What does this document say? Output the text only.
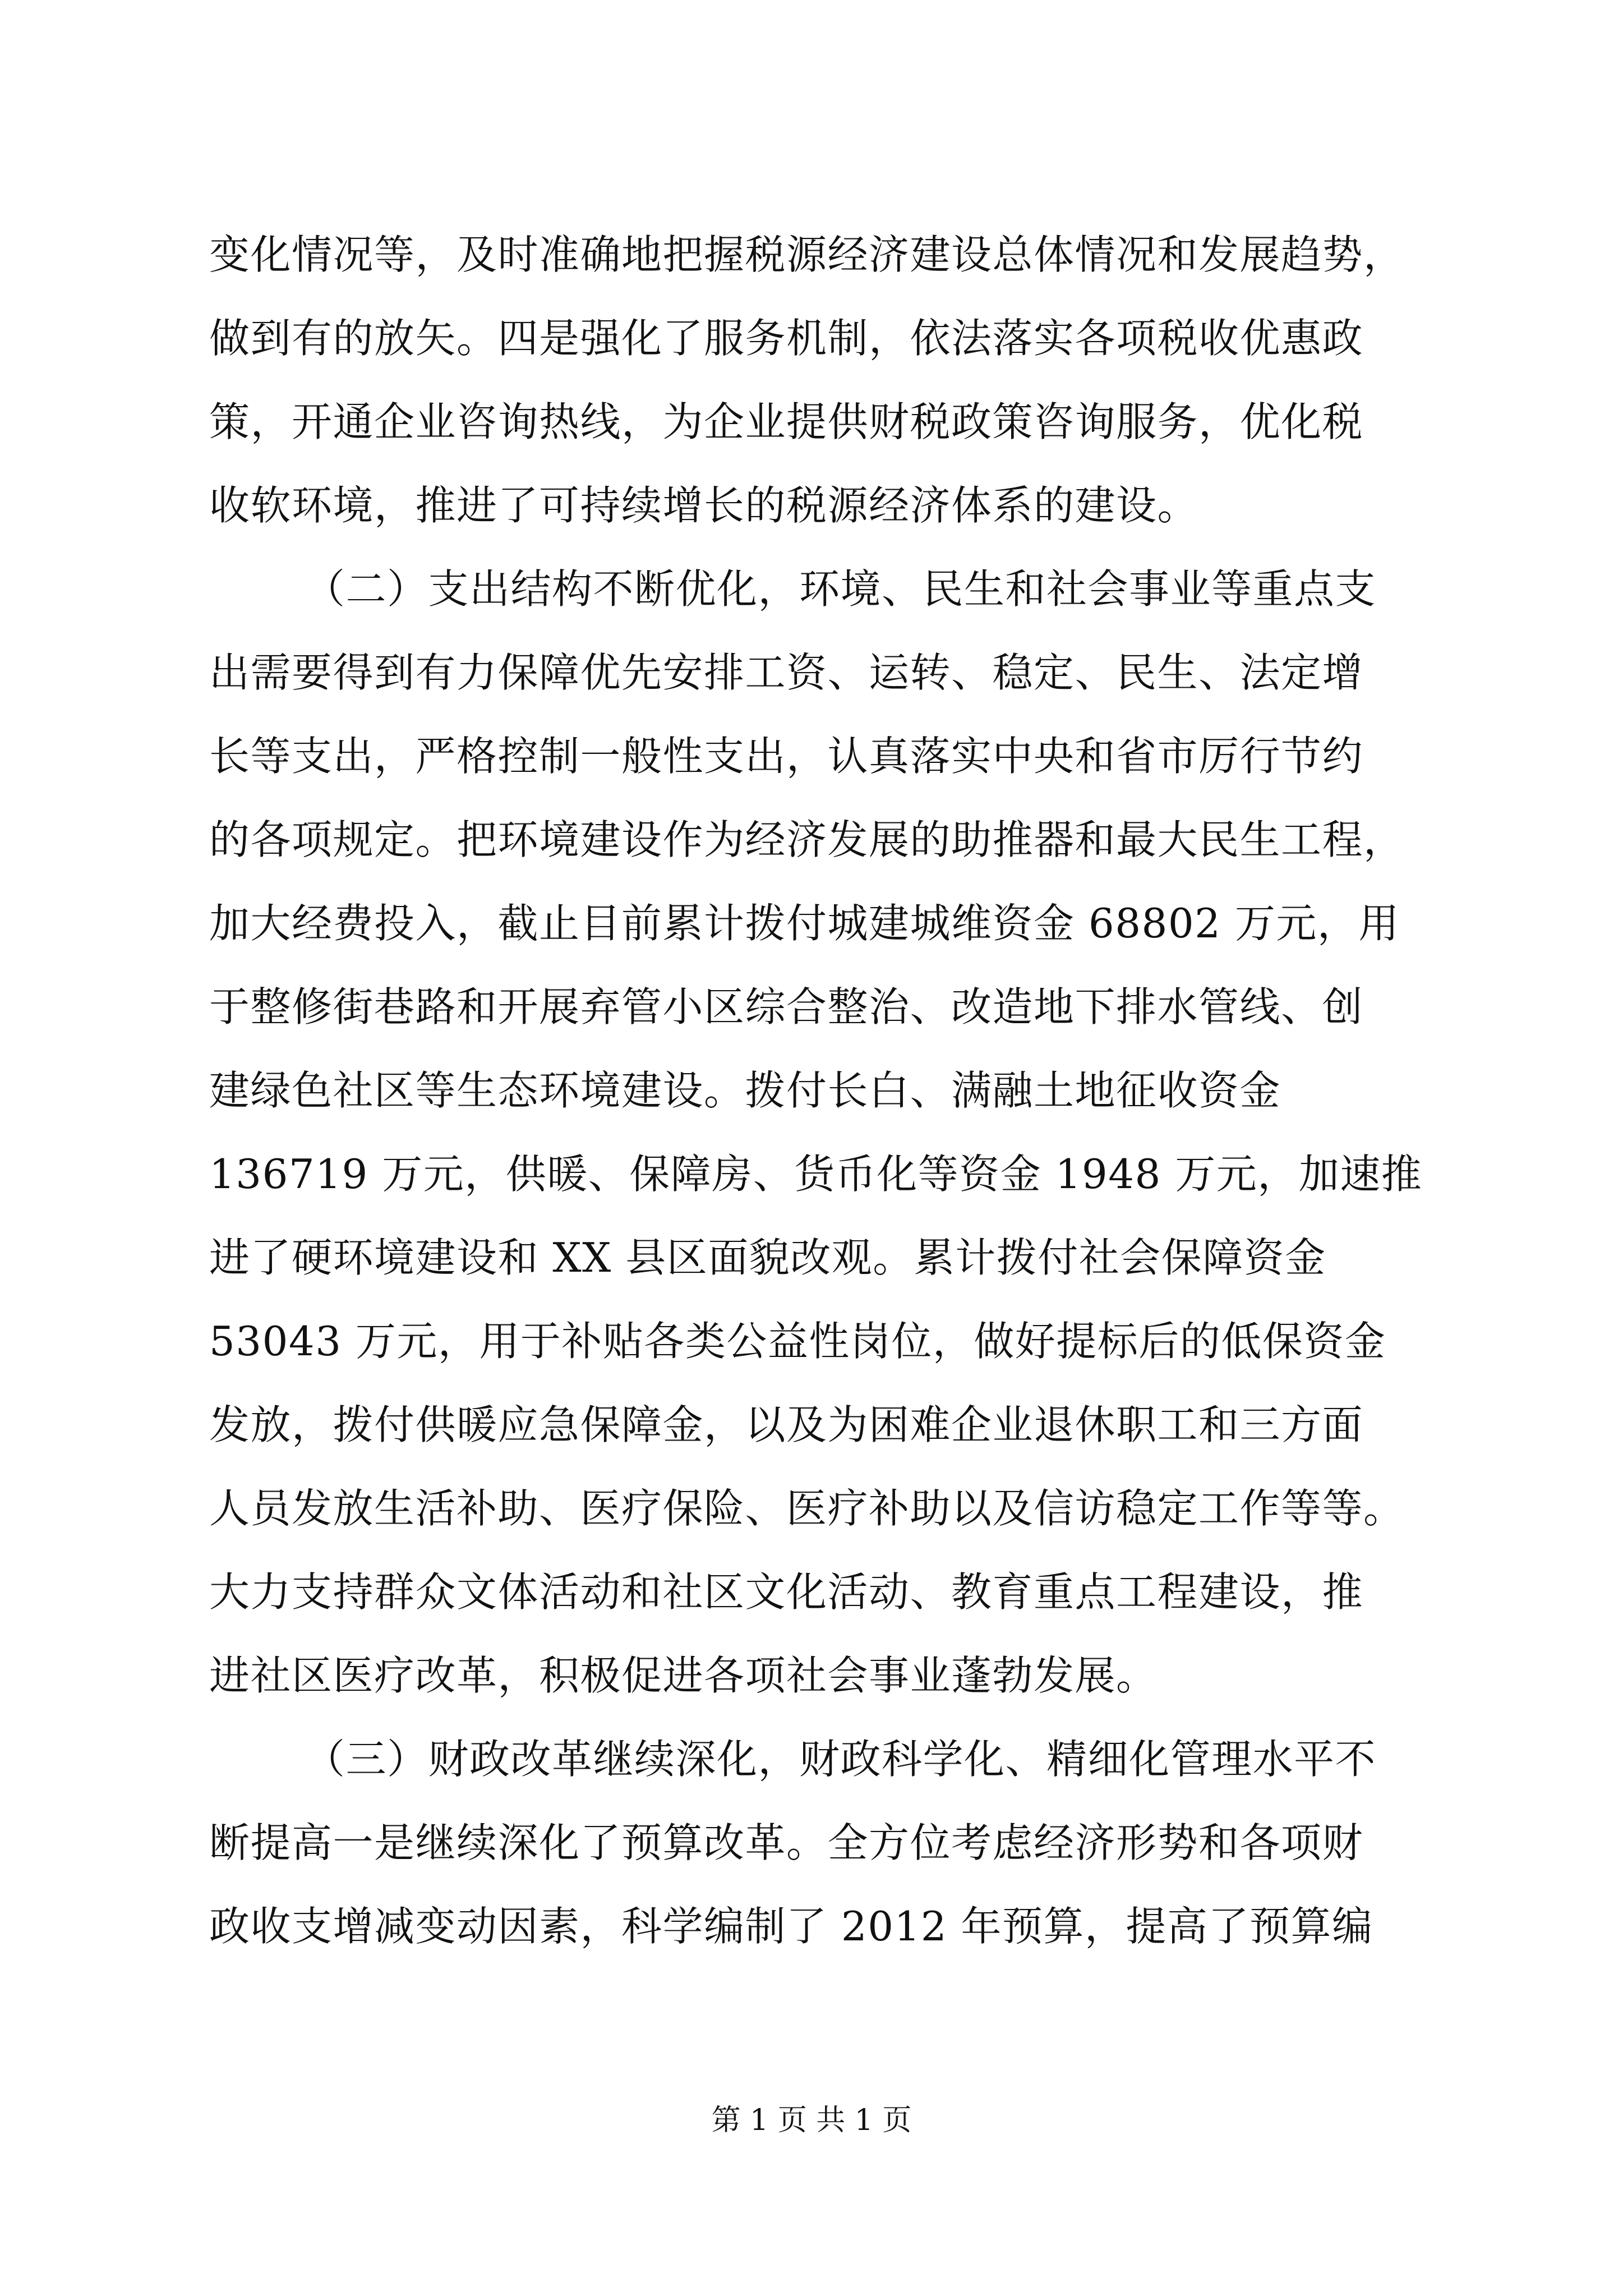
变化情况等，及时准确地把握税源经济建设总体情况和发展趋势，
做到有的放矢。四是强化了服务机制，依法落实各项税收优惠政
策，开通企业咨询热线，为企业提供财税政策咨询服务，优化税
收软环境，推进了可持续增长的税源经济体系的建设。
（二）支出结构不断优化，环境、民生和社会事业等重点支
出需要得到有力保障优先安排工资、运转、稳定、民生、法定增
长等支出，严格控制一般性支出，认真落实中央和省市厉行节约
的各项规定。把环境建设作为经济发展的助推器和最大民生工程，
加大经费投入，截止目前累计拨付城建城维资金 68802 万元，用
于整修街巷路和开展弃管小区综合整治、改造地下排水管线、创
建绿色社区等生态环境建设。拨付长白、满融土地征收资金
136719 万元，供暖、保障房、货币化等资金 1948 万元，加速推
进了硬环境建设和 XX 县区面貌改观。累计拨付社会保障资金
53043 万元，用于补贴各类公益性岗位，做好提标后的低保资金
发放，拨付供暖应急保障金，以及为困难企业退休职工和三方面
人员发放生活补助、医疗保险、医疗补助以及信访稳定工作等等。
大力支持群众文体活动和社区文化活动、教育重点工程建设，推
进社区医疗改革，积极促进各项社会事业蓬勃发展。
（三）财政改革继续深化，财政科学化、精细化管理水平不
断提高一是继续深化了预算改革。全方位考虑经济形势和各项财
政收支增减变动因素，科学编制了 2012 年预算，提高了预算编
第 1 页 共 1 页
